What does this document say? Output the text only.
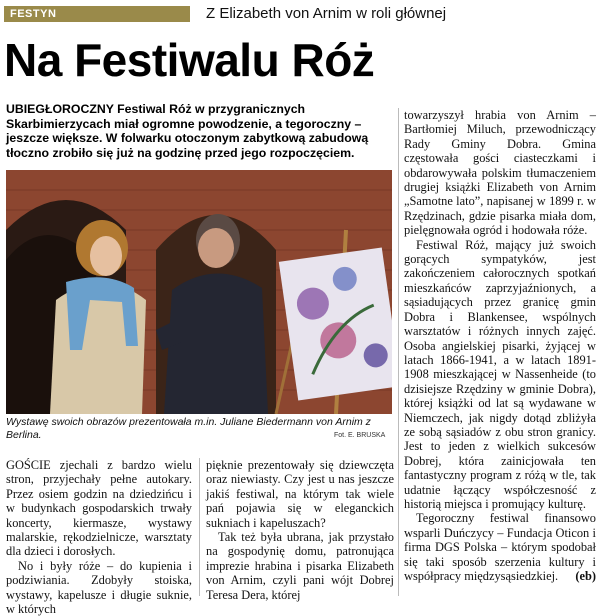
FESTYN	Z Elizabeth von Arnim w roli głównej
Na Festiwalu Róż
UBIEGŁOROCZNY Festiwal Róż w przygranicznych Skarbimierzycach miał ogromne powodzenie, a tegoroczny – jeszcze większe. W folwarku otoczonym zabytkową zabudową tłoczno zrobiło się już na godzinę przed jego rozpoczęciem.
Wystawę swoich obrazów prezentowała m.in. Juliane Biedermann von Arnim z Berlina.	Fot. E. BRUSKA

GOŚCIE zjechali z bardzo wielu stron, przyjechały pełne autokary. Przez osiem godzin na dziedzińcu i w budynkach gospodarskich trwały koncerty, kiermasze, wystawy malarskie, rękodzielnicze, warsztaty dla dzieci i dorosłych.

No i były róże – do kupienia i podziwiania. Zdobyły stoiska, wystawy, kapelusze i długie suknie, w których

pięknie prezentowały się dziewczęta oraz niewiasty. Czy jest u nas jeszcze jakiś festiwal, na którym tak wiele pań pojawia się w eleganckich sukniach i kapeluszach?

Tak też była ubrana, jak przystało na gospodynię domu, patronująca imprezie hrabina i pisarka Elizabeth von Arnim, czyli pani wójt Dobrej Teresa Dera, której

towarzyszył hrabia von Arnim – Bartłomiej Miluch, przewodniczący Rady Gminy Dobra. Gmina częstowała gości ciasteczkami i obdarowywała polskim tłumaczeniem drugiej książki Elizabeth von Arnim „Samotne lato”, napisanej w 1899 r. w Rzędzinach, gdzie pisarka miała dom, pielęgnowała ogród i hodowała róże.

Festiwal Róż, mający już swoich gorących sympatyków, jest zakończeniem całorocznych spotkań mieszkańców zaprzyjaźnionych, a sąsiadujących przez granicę gmin Dobra i Blankensee, wspólnych warsztatów i różnych innych zajęć. Osoba angielskiej pisarki, żyjącej w latach 1866-1941, a w latach 1891-1908 mieszkającej w Nassenheide (to dzisiejsze Rzędziny w gminie Dobra), której książki od lat są wydawane w Niemczech, jak nigdy dotąd zbliżyła ze sobą sąsiadów z obu stron granicy. Jest to jeden z wielkich sukcesów Dobrej, która zainicjowała ten fantastyczny program z różą w tle, tak udatnie łączący współczesność z historią miejsca i promujący kulturę.

Tegoroczny festiwal finansowo wsparli Duńczycy – Fundacja Oticon i firma DGS Polska – którym spodobał się taki sposób szerzenia kultury i współpracy międzysąsiedzkiej. (eb)
